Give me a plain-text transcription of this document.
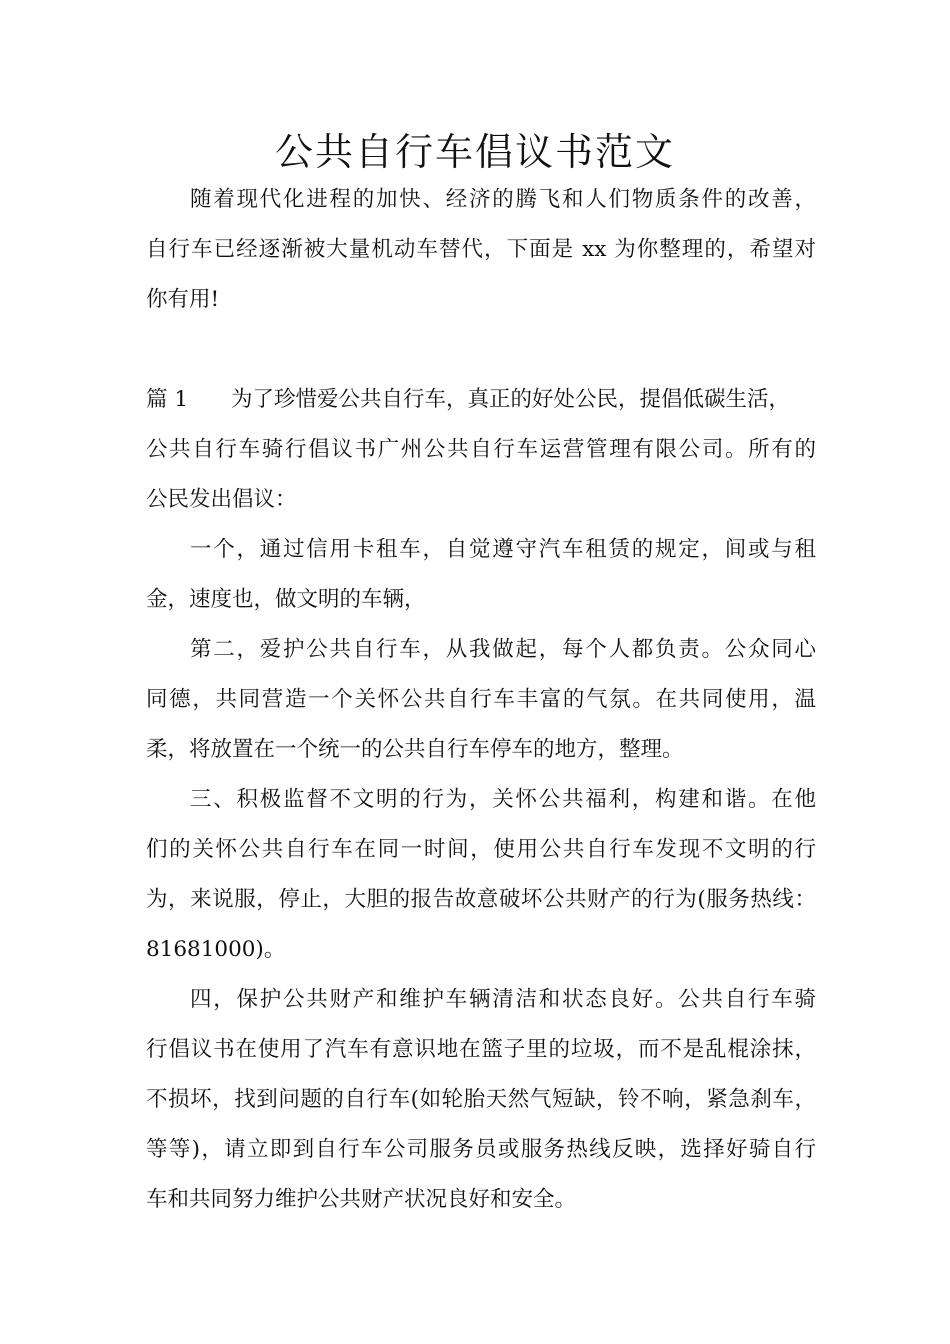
公共自行车倡议书范文
随着现代化进程的加快、经济的腾飞和人们物质条件的改善，
自行车已经逐渐被大量机动车替代，下面是 xx 为你整理的，希望对
你有用!
篇 1 为了珍惜爱公共自行车，真正的好处公民，提倡低碳生活，
公共自行车骑行倡议书广州公共自行车运营管理有限公司。所有的
公民发出倡议：
一个，通过信用卡租车，自觉遵守汽车租赁的规定，间或与租
金，速度也，做文明的车辆，
第二，爱护公共自行车，从我做起，每个人都负责。公众同心
同德，共同营造一个关怀公共自行车丰富的气氛。在共同使用，温
柔，将放置在一个统一的公共自行车停车的地方，整理。
三、积极监督不文明的行为，关怀公共福利，构建和谐。在他
们的关怀公共自行车在同一时间，使用公共自行车发现不文明的行
为，来说服，停止，大胆的报告故意破坏公共财产的行为(服务热线：
81681000)。
四，保护公共财产和维护车辆清洁和状态良好。公共自行车骑
行倡议书在使用了汽车有意识地在篮子里的垃圾，而不是乱棍涂抹，
不损坏，找到问题的自行车(如轮胎天然气短缺，铃不响，紧急刹车，
等等)，请立即到自行车公司服务员或服务热线反映，选择好骑自行
车和共同努力维护公共财产状况良好和安全。
